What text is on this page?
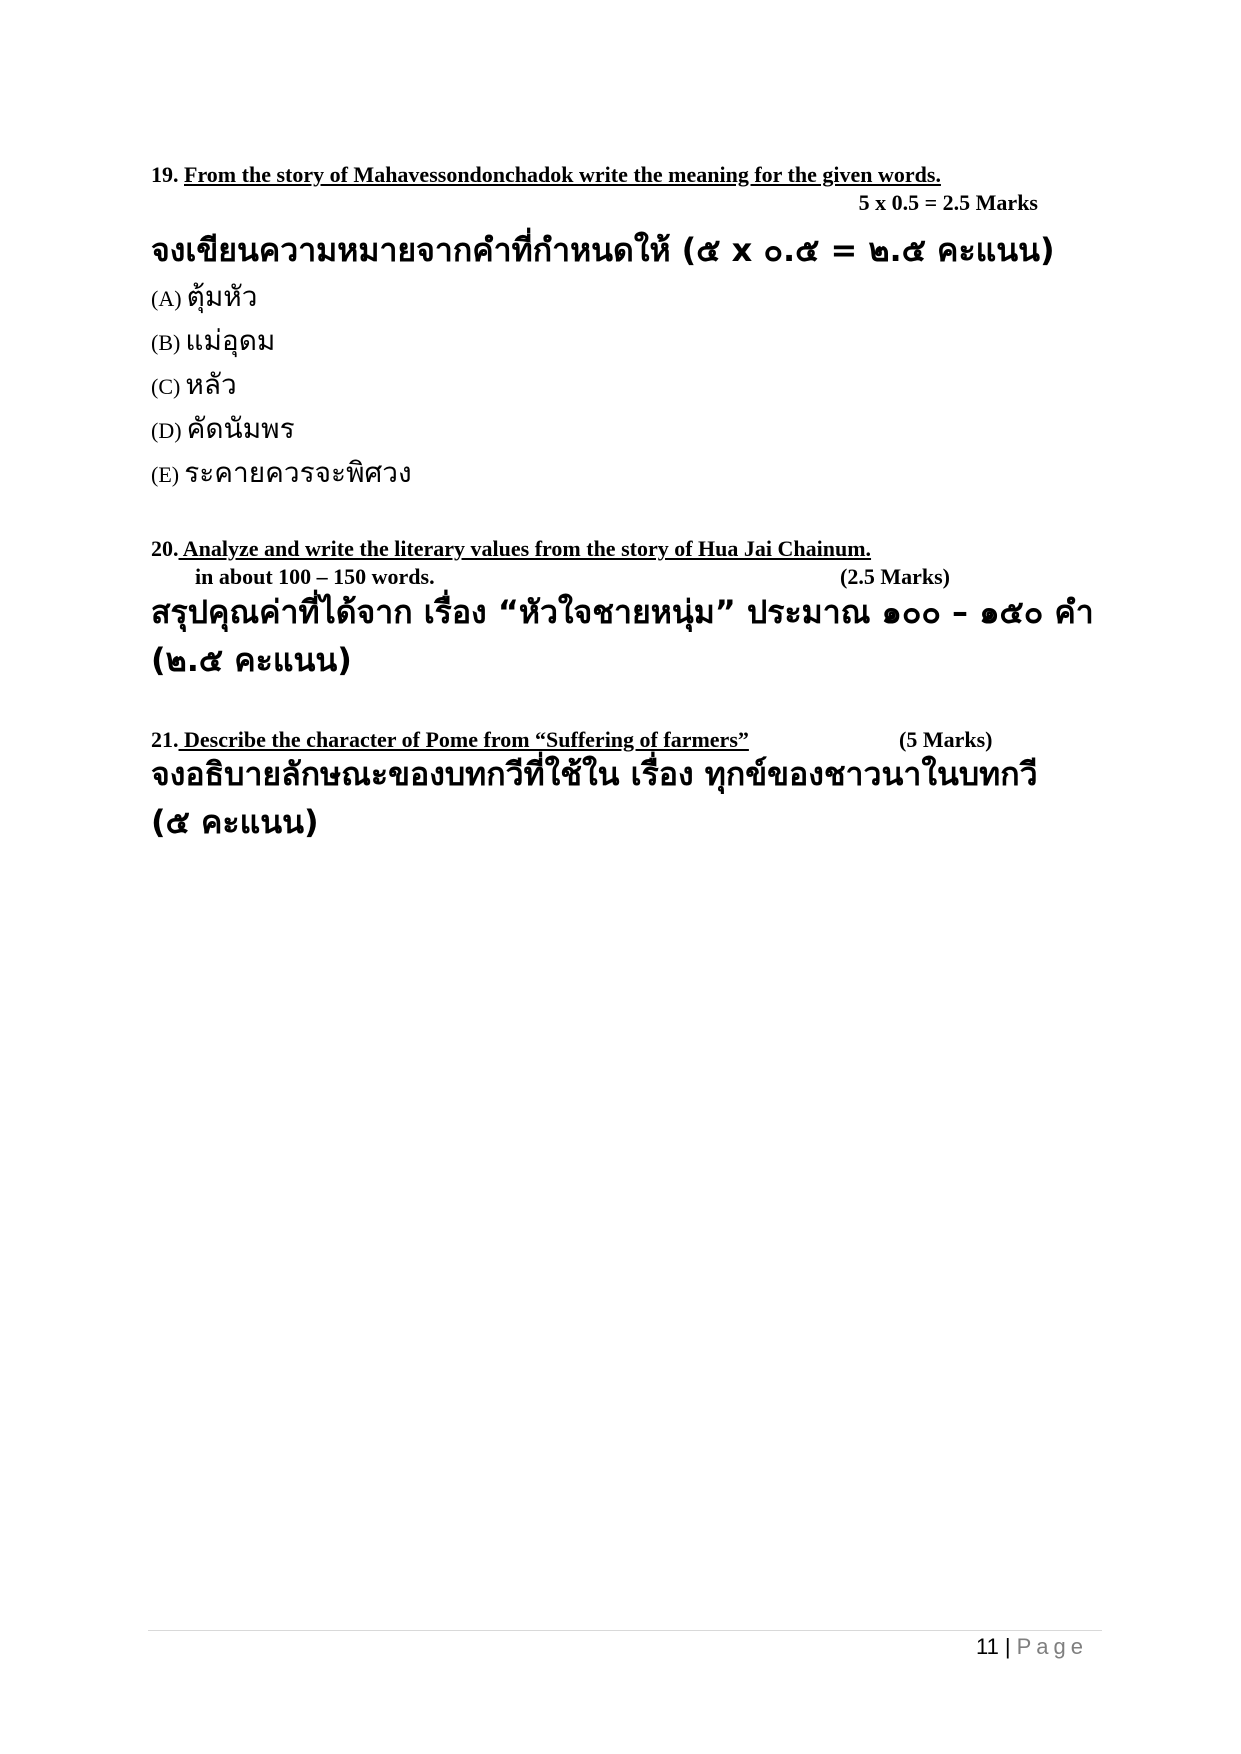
19. From the story of Mahavessondonchadok write the meaning for the given words.
5 x 0.5 = 2.5 Marks
จงเขียนความหมายจากคำที่กำหนดให้ (๕ x ๐.๕ = ๒.๕ คะแนน)
(A) ตุ้มหัว
(B) แม่อุดม
(C) หลัว
(D) คัดนัมพร
(E) ระคายควรจะพิศวง
20. Analyze and write the literary values from the story of Hua Jai Chainum.
in about 100 – 150 words.	(2.5 Marks)
สรุปคุณค่าที่ได้จาก เรื่อง “หัวใจชายหนุ่ม” ประมาณ ๑๐๐ – ๑๕๐ คำ
(๒.๕ คะแนน)
21. Describe the character of Pome from “Suffering of farmers”	(5 Marks)
จงอธิบายลักษณะของบทกวีที่ใช้ใน เรื่อง ทุกข์ของชาวนาในบทกวี
(๕ คะแนน)
11 | Page
